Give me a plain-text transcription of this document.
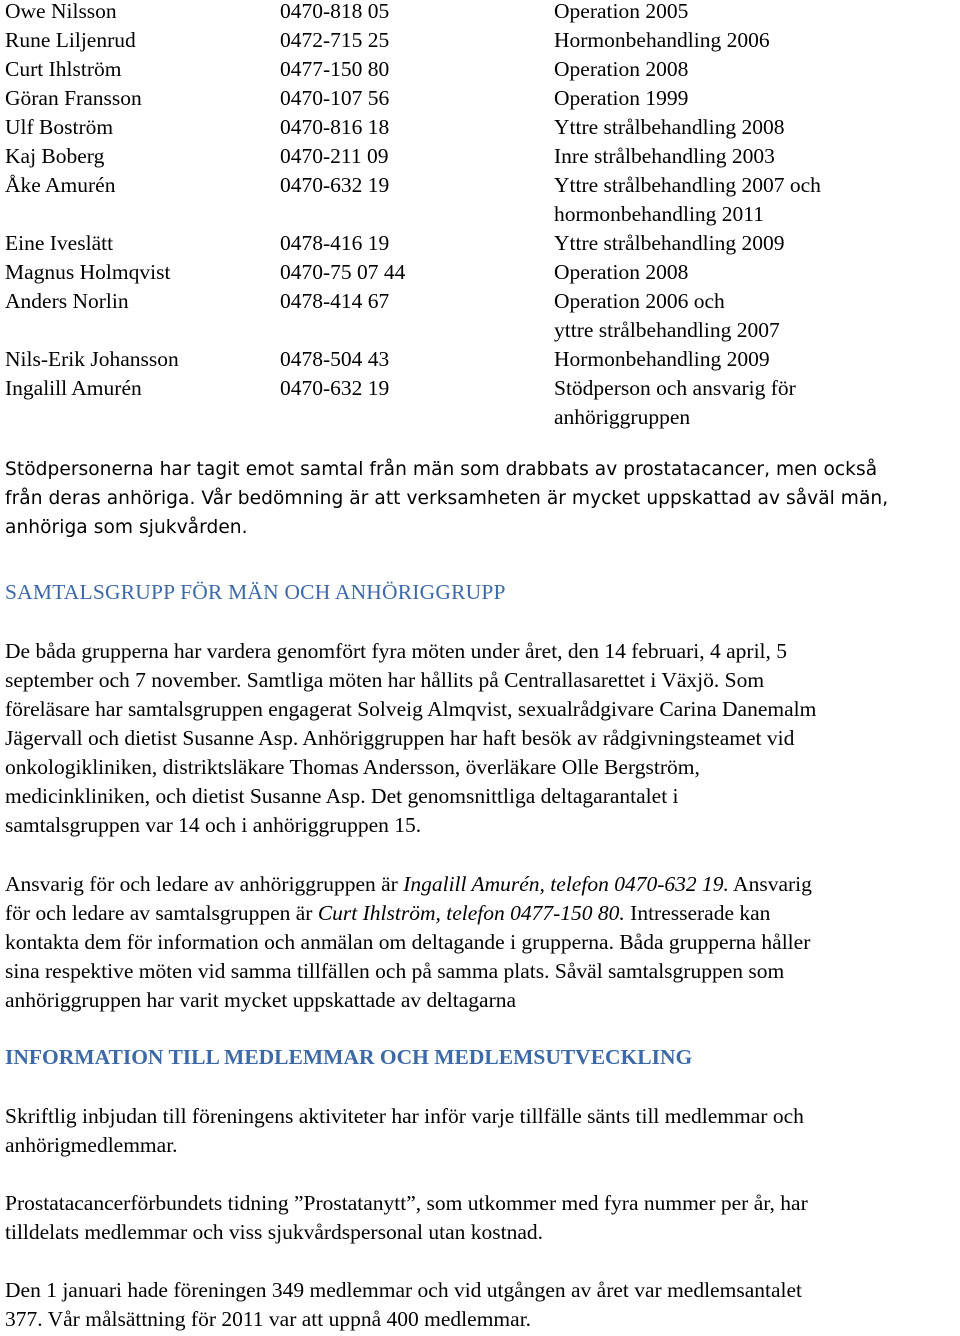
Owe Nilsson	0470-818 05	Operation 2005
Rune Liljenrud	0472-715 25	Hormonbehandling 2006
Curt Ihlström	0477-150 80	Operation 2008
Göran Fransson	0470-107 56	Operation 1999
Ulf Boström	0470-816 18	Yttre strålbehandling 2008
Kaj Boberg	0470-211 09	Inre strålbehandling 2003
Åke Amurén	0470-632 19	Yttre strålbehandling 2007 och
hormonbehandling 2011
Eine Iveslätt	0478-416 19	Yttre strålbehandling 2009
Magnus Holmqvist	0470-75 07 44	Operation 2008
Anders Norlin	0478-414 67	Operation 2006 och
yttre strålbehandling 2007
Nils-Erik Johansson	0478-504 43	Hormonbehandling 2009
Ingalill Amurén	0470-632 19	Stödperson och ansvarig för
anhöriggruppen

Stödpersonerna har tagit emot samtal från män som drabbats av prostatacancer, men också
från deras anhöriga. Vår bedömning är att verksamheten är mycket uppskattad av såväl män,
anhöriga som sjukvården.

SAMTALSGRUPP FÖR MÄN OCH ANHÖRIGGRUPP

De båda grupperna har vardera genomfört fyra möten under året, den 14 februari, 4 april, 5
september och 7 november. Samtliga möten har hållits på Centrallasarettet i Växjö. Som
föreläsare har samtalsgruppen engagerat Solveig Almqvist, sexualrådgivare Carina Danemalm
Jägervall och dietist Susanne Asp. Anhöriggruppen har haft besök av rådgivningsteamet vid
onkologikliniken, distriktsläkare Thomas Andersson, överläkare Olle Bergström,
medicinkliniken, och dietist Susanne Asp. Det genomsnittliga deltagarantalet i
samtalsgruppen var 14 och i anhöriggruppen 15.

Ansvarig för och ledare av anhöriggruppen är Ingalill Amurén, telefon 0470-632 19. Ansvarig
för och ledare av samtalsgruppen är Curt Ihlström, telefon 0477-150 80. Intresserade kan
kontakta dem för information och anmälan om deltagande i grupperna. Båda grupperna håller
sina respektive möten vid samma tillfällen och på samma plats. Såväl samtalsgruppen som
anhöriggruppen har varit mycket uppskattade av deltagarna

INFORMATION TILL MEDLEMMAR OCH MEDLEMSUTVECKLING

Skriftlig inbjudan till föreningens aktiviteter har inför varje tillfälle sänts till medlemmar och
anhörigmedlemmar.

Prostatacancerförbundets tidning ”Prostatanytt”, som utkommer med fyra nummer per år, har
tilldelats medlemmar och viss sjukvårdspersonal utan kostnad.

Den 1 januari hade föreningen 349 medlemmar och vid utgången av året var medlemsantalet
377. Vår målsättning för 2011 var att uppnå 400 medlemmar.
